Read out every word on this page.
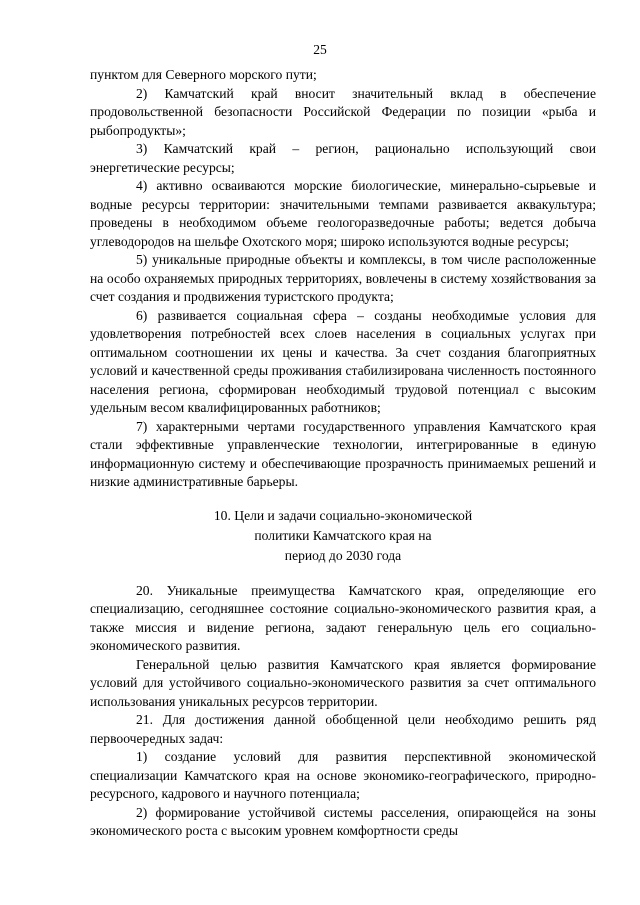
25

пунктом для Северного морского пути;

2) Камчатский край вносит значительный вклад в обеспечение продовольственной безопасности Российской Федерации по позиции «рыба и рыбопродукты»;

3) Камчатский край – регион, рационально использующий свои энергетические ресурсы;

4) активно осваиваются морские биологические, минерально-сырьевые и водные ресурсы территории: значительными темпами развивается аквакультура; проведены в необходимом объеме геологоразведочные работы; ведется добыча углеводородов на шельфе Охотского моря; широко используются водные ресурсы;

5) уникальные природные объекты и комплексы, в том числе расположенные на особо охраняемых природных территориях, вовлечены в систему хозяйствования за счет создания и продвижения туристского продукта;

6) развивается социальная сфера – созданы необходимые условия для удовлетворения потребностей всех слоев населения в социальных услугах при оптимальном соотношении их цены и качества. За счет создания благоприятных условий и качественной среды проживания стабилизирована численность постоянного населения региона, сформирован необходимый трудовой потенциал с высоким удельным весом квалифицированных работников;

7) характерными чертами государственного управления Камчатского края стали эффективные управленческие технологии, интегрированные в единую информационную систему и обеспечивающие прозрачность принимаемых решений и низкие административные барьеры.

10. Цели и задачи социально-экономической
политики Камчатского края на
период до 2030 года

20. Уникальные преимущества Камчатского края, определяющие его специализацию, сегодняшнее состояние социально-экономического развития края, а также миссия и видение региона, задают генеральную цель его социально-экономического развития.

Генеральной целью развития Камчатского края является формирование условий для устойчивого социально-экономического развития за счет оптимального использования уникальных ресурсов территории.

21. Для достижения данной обобщенной цели необходимо решить ряд первоочередных задач:

1) создание условий для развития перспективной экономической специализации Камчатского края на основе экономико-географического, природно-ресурсного, кадрового и научного потенциала;

2) формирование устойчивой системы расселения, опирающейся на зоны экономического роста с высоким уровнем комфортности среды
